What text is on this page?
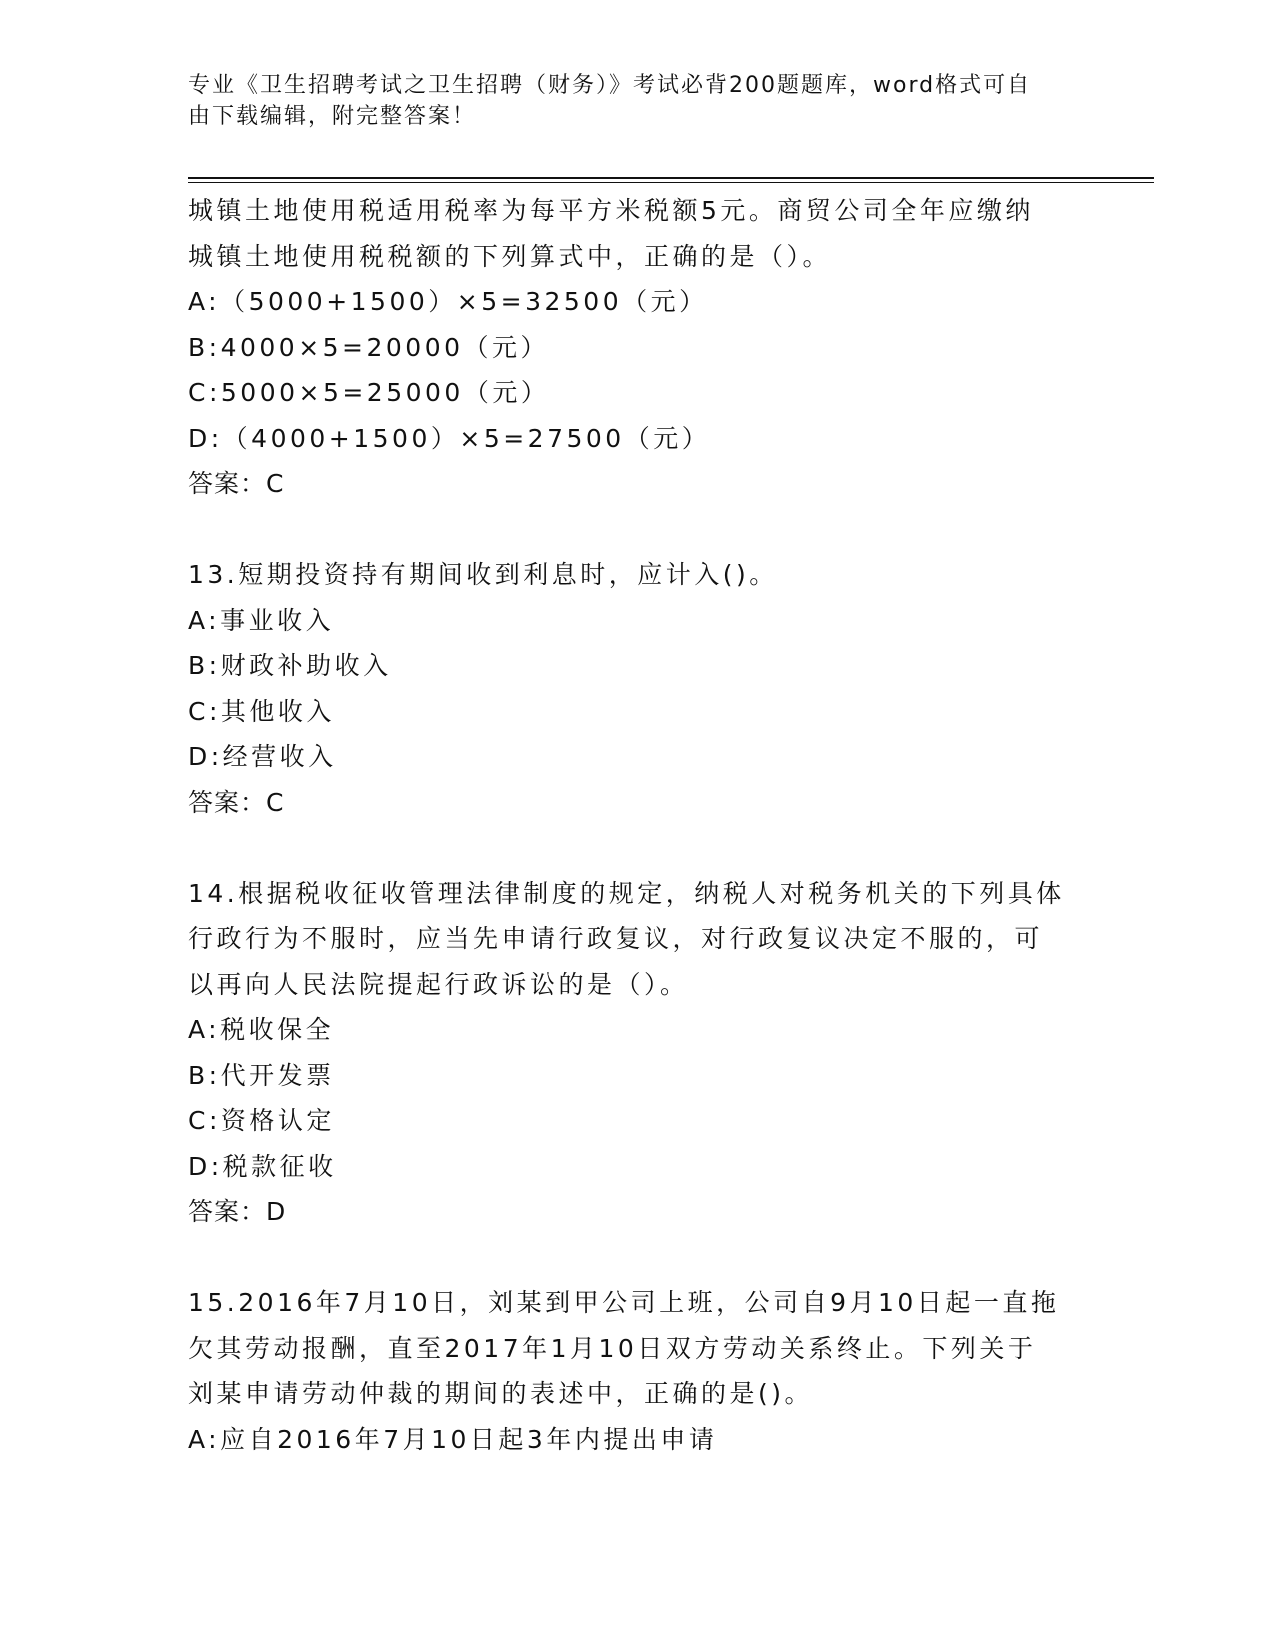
专业《卫生招聘考试之卫生招聘（财务）》考试必背200题题库，word格式可自
由下载编辑，附完整答案！
城镇土地使用税适用税率为每平方米税额5元。商贸公司全年应缴纳
城镇土地使用税税额的下列算式中，正确的是（）。
A:（5000+1500）×5=32500（元）
B:4000×5=20000（元）
C:5000×5=25000（元）
D:（4000+1500）×5=27500（元）
答案：C
13.短期投资持有期间收到利息时，应计入()。
A:事业收入
B:财政补助收入
C:其他收入
D:经营收入
答案：C
14.根据税收征收管理法律制度的规定，纳税人对税务机关的下列具体
行政行为不服时，应当先申请行政复议，对行政复议决定不服的，可
以再向人民法院提起行政诉讼的是（）。
A:税收保全
B:代开发票
C:资格认定
D:税款征收
答案：D
15.2016年7月10日，刘某到甲公司上班，公司自9月10日起一直拖
欠其劳动报酬，直至2017年1月10日双方劳动关系终止。下列关于
刘某申请劳动仲裁的期间的表述中，正确的是()。
A:应自2016年7月10日起3年内提出申请
